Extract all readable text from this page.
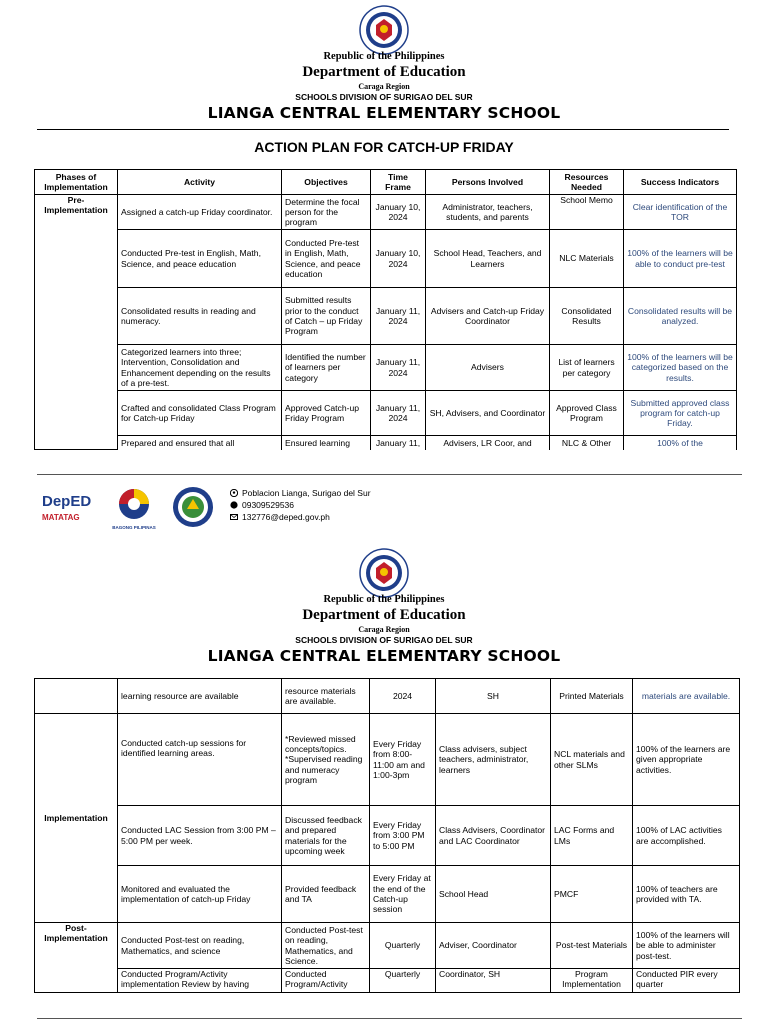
Republic of the Philippines
Department of Education
Caraga Region
SCHOOLS DIVISION OF SURIGAO DEL SUR
LIANGA CENTRAL ELEMENTARY SCHOOL
ACTION PLAN FOR CATCH-UP FRIDAY
Phases of Implementation	Activity	Objectives	Time Frame	Persons Involved	Resources Needed	Success Indicators
Pre-Implementation	Assigned a catch-up Friday coordinator.	Determine the focal person for the program	January 10, 2024	Administrator, teachers, students, and parents	School Memo	Clear identification of the TOR
	Conducted Pre-test in English, Math, Science, and peace education	Conducted Pre-test in English, Math, Science, and peace education	January 10, 2024	School Head, Teachers, and Learners	NLC Materials	100% of the learners will be able to conduct pre-test
	Consolidated results in reading and numeracy.	Submitted results prior to the conduct of Catch – up Friday Program	January 11, 2024	Advisers and Catch-up Friday Coordinator	Consolidated Results	Consolidated results will be analyzed.
	Categorized learners into three; Intervention, Consolidation and Enhancement depending on the results of a pre-test.	Identified the number of learners per category	January 11, 2024	Advisers	List of learners per category	100% of the learners will be categorized based on the results.
	Crafted and consolidated Class Program for Catch-up Friday	Approved Catch-up Friday Program	January 11, 2024	SH, Advisers, and Coordinator	Approved Class Program	Submitted approved class program for catch-up Friday.
	Prepared and ensured that all	Ensured learning	January 11,	Advisers, LR Coor, and	NLC & Other	100% of the
DepED
MATATAG
BAGONG PILIPINAS
Poblacion Lianga, Surigao del Sur
09309529536
132776@deped.gov.ph
Republic of the Philippines
Department of Education
Caraga Region
SCHOOLS DIVISION OF SURIGAO DEL SUR
LIANGA CENTRAL ELEMENTARY SCHOOL
	learning resource are available	resource materials are available.	2024	SH	Printed Materials	materials are available.
Implementation	Conducted catch-up sessions for identified learning areas.	*Reviewed missed concepts/topics. *Supervised reading and numeracy program	Every Friday from 8:00-11:00 am and 1:00-3pm	Class advisers, subject teachers, administrator, learners	NCL materials and other SLMs	100% of the learners are given appropriate activities.
	Conducted LAC Session from 3:00 PM – 5:00 PM per week.	Discussed feedback and prepared materials for the upcoming week	Every Friday from 3:00 PM to 5:00 PM	Class Advisers, Coordinator and LAC Coordinator	LAC Forms and LMs	100% of LAC activities are accomplished.
	Monitored and evaluated the implementation of catch-up Friday	Provided feedback and TA	Every Friday at the end of the Catch-up session	School Head	PMCF	100% of teachers are provided with TA.
Post-Implementation	Conducted Post-test on reading, Mathematics, and science	Conducted Post-test on reading, Mathematics, and Science.	Quarterly	Adviser, Coordinator	Post-test Materials	100% of the learners will be able to administer post-test.
	Conducted Program/Activity implementation Review by having	Conducted Program/Activity	Quarterly	Coordinator, SH	Program Implementation	Conducted PIR every quarter
